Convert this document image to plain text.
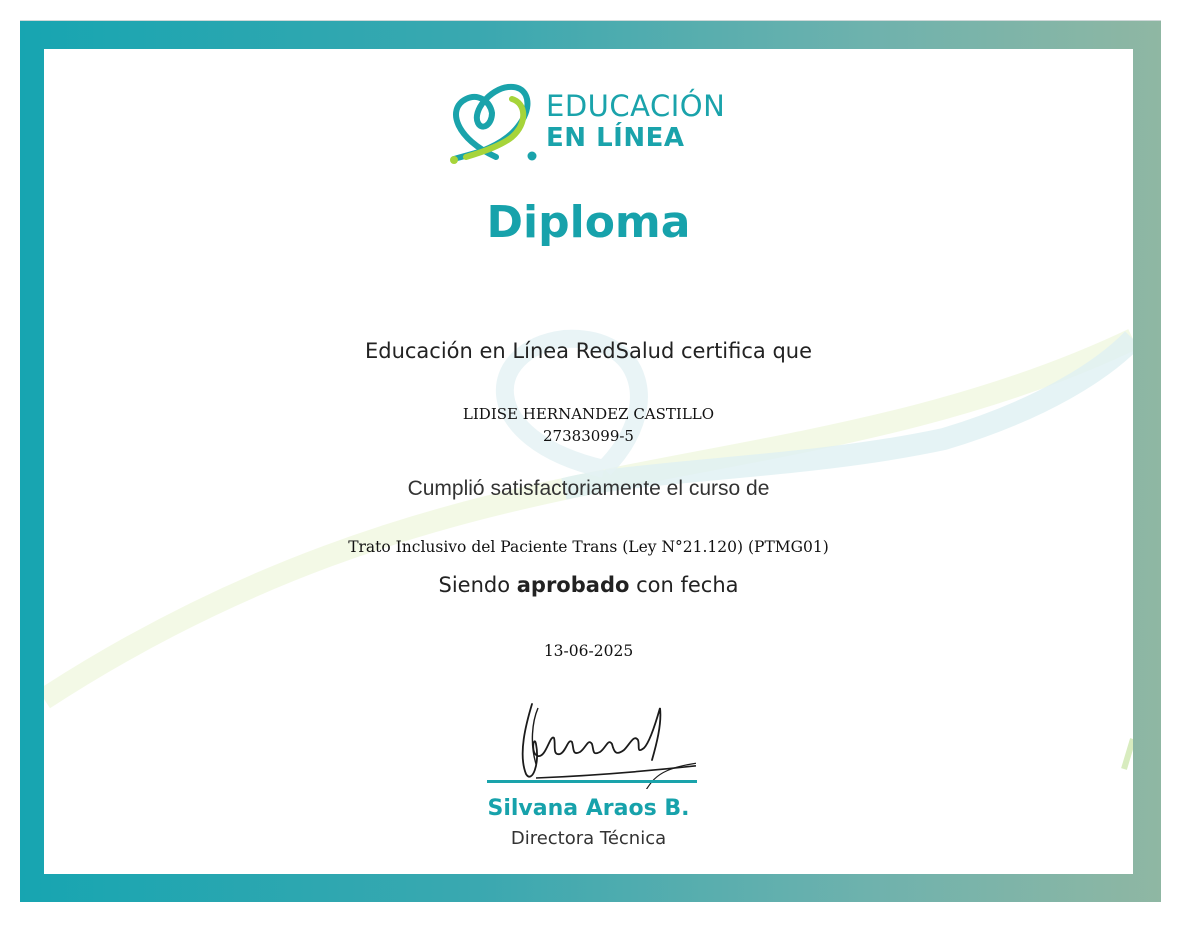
EDUCACIÓN
EN LÍNEA
Diploma
Educación en Línea RedSalud certifica que
LIDISE HERNANDEZ CASTILLO
27383099-5
Cumplió satisfactoriamente el curso de
Trato Inclusivo del Paciente Trans (Ley N°21.120) (PTMG01)
Siendo aprobado con fecha
13-06-2025
Silvana Araos B.
Directora Técnica
